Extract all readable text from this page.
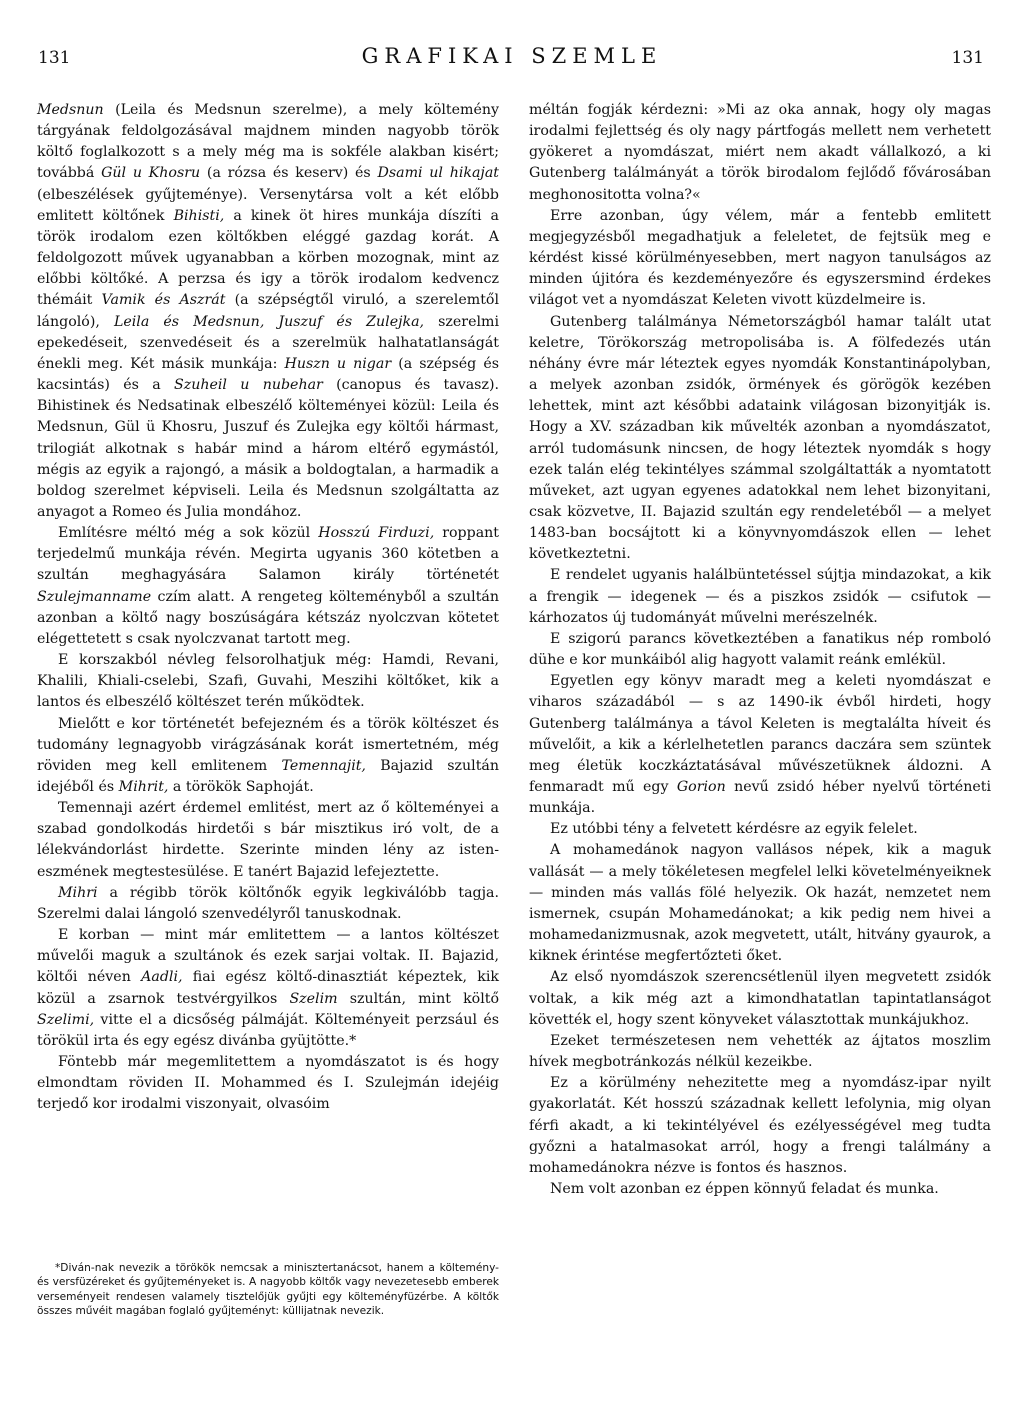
131	GRAFIKAI SZEMLE	131

Medsnun (Leila és Medsnun szerelme), a mely költemény tárgyának feldolgozásával majdnem minden nagyobb török költő foglalkozott s a mely még ma is sokféle alakban kisért; továbbá Gül u Khosru (a rózsa és keserv) és Dsami ul hikajat (elbeszélések gyűjteménye). Versenytársa volt a két előbb emlitett költőnek Bihisti, a kinek öt hires munkája díszíti a török irodalom ezen költőkben eléggé gazdag korát. A feldolgozott művek ugyanabban a körben mozognak, mint az előbbi költőké. A perzsa és igy a török irodalom kedvencz thémáit Vamik és Aszrát (a szépségtől viruló, a szerelemtől lángoló), Leila és Medsnun, Juszuf és Zulejka, szerelmi epekedéseit, szenvedéseit és a szerelmük halhatatlanságát énekli meg. Két másik munkája: Huszn u nigar (a szépség és kacsintás) és a Szuheil u nubehar (canopus és tavasz). Bihistinek és Nedsatinak elbeszélő költeményei közül: Leila és Medsnun, Gül ü Khosru, Juszuf és Zulejka egy költői hármast, trilogiát alkotnak s habár mind a három eltérő egymástól, mégis az egyik a rajongó, a másik a boldogtalan, a harmadik a boldog szerelmet képviseli. Leila és Medsnun szolgáltatta az anyagot a Romeo és Julia mondához.

Említésre méltó még a sok közül Hosszú Firduzi, roppant terjedelmű munkája révén. Megirta ugyanis 360 kötetben a szultán meghagyására Salamon király történetét Szulejmanname czím alatt. A rengeteg költeményből a szultán azonban a költő nagy boszúságára kétszáz nyolczvan kötetet elégettetett s csak nyolczvanat tartott meg.

E korszakból névleg felsorolhatjuk még: Hamdi, Revani, Khalili, Khiali-cselebi, Szafi, Guvahi, Meszihi költőket, kik a lantos és elbeszélő költészet terén működtek.

Mielőtt e kor történetét befejezném és a török költészet és tudomány legnagyobb virágzásának korát ismertetném, még röviden meg kell emlitenem Temennajit, Bajazid szultán idejéből és Mihrit, a törökök Saphoját.

Temennaji azért érdemel emlitést, mert az ő költeményei a szabad gondolkodás hirdetői s bár misztikus iró volt, de a lélekvándorlást hirdette. Szerinte minden lény az isten-eszmének megtestesülése. E tanért Bajazid lefejeztette.

Mihri a régibb török költőnők egyik legkiválóbb tagja. Szerelmi dalai lángoló szenvedélyről tanuskodnak.

E korban — mint már emlitettem — a lantos költészet művelői maguk a szultánok és ezek sarjai voltak. II. Bajazid, költői néven Aadli, fiai egész költő-dinasztiát képeztek, kik közül a zsarnok testvérgyilkos Szelim szultán, mint költő Szelimi, vitte el a dicsőség pálmáját. Költeményeit perzsául és törökül irta és egy egész divánba gyüjtötte.*

Föntebb már megemlitettem a nyomdászatot is és hogy elmondtam röviden II. Mohammed és I. Szulejmán idejéig terjedő kor irodalmi viszonyait, olvasóim

méltán fogják kérdezni: »Mi az oka annak, hogy oly magas irodalmi fejlettség és oly nagy pártfogás mellett nem verhetett gyökeret a nyomdászat, miért nem akadt vállalkozó, a ki Gutenberg találmányát a török birodalom fejlődő fővárosában meghonositotta volna?«

Erre azonban, úgy vélem, már a fentebb emlitett megjegyzésből megadhatjuk a feleletet, de fejtsük meg e kérdést kissé körülményesebben, mert nagyon tanulságos az minden újitóra és kezdeményezőre és egyszersmind érdekes világot vet a nyomdászat Keleten vivott küzdelmeire is.

Gutenberg találmánya Németországból hamar talált utat keletre, Törökország metropolisába is. A fölfedezés után néhány évre már léteztek egyes nyomdák Konstantinápolyban, a melyek azonban zsidók, örmények és görögök kezében lehettek, mint azt későbbi adataink világosan bizonyitják is. Hogy a XV. században kik művelték azonban a nyomdászatot, arról tudomásunk nincsen, de hogy léteztek nyomdák s hogy ezek talán elég tekintélyes számmal szolgáltatták a nyomtatott műveket, azt ugyan egyenes adatokkal nem lehet bizonyitani, csak közvetve, II. Bajazid szultán egy rendeletéből — a melyet 1483-ban bocsájtott ki a könyvnyomdászok ellen — lehet következtetni.

E rendelet ugyanis halálbüntetéssel sújtja mindazokat, a kik a frengik — idegenek — és a piszkos zsidók — csifutok — kárhozatos új tudományát művelni merészelnék.

E szigorú parancs következtében a fanatikus nép romboló dühe e kor munkáiból alig hagyott valamit reánk emlékül.

Egyetlen egy könyv maradt meg a keleti nyomdászat e viharos századából — s az 1490-ik évből hirdeti, hogy Gutenberg találmánya a távol Keleten is megtalálta híveit és művelőit, a kik a kérlelhetetlen parancs daczára sem szüntek meg életük koczkáztatásával művészetüknek áldozni. A fenmaradt mű egy Gorion nevű zsidó héber nyelvű történeti munkája.

Ez utóbbi tény a felvetett kérdésre az egyik felelet.

A mohamedánok nagyon vallásos népek, kik a maguk vallását — a mely tökéletesen megfelel lelki követelményeiknek — minden más vallás fölé helyezik. Ok hazát, nemzetet nem ismernek, csupán Mohamedánokat; a kik pedig nem hivei a mohamedanizmusnak, azok megvetett, utált, hitvány gyaurok, a kiknek érintése megfertőzteti őket.

Az első nyomdászok szerencsétlenül ilyen megvetett zsidók voltak, a kik még azt a kimondhatatlan tapintatlanságot követték el, hogy szent könyveket választottak munkájukhoz.

Ezeket természetesen nem vehették az ájtatos moszlim hívek megbotránkozás nélkül kezeikbe.

Ez a körülmény nehezitette meg a nyomdász-ipar nyilt gyakorlatát. Két hosszú századnak kellett lefolynia, mig olyan férfi akadt, a ki tekintélyével és ezélyességével meg tudta győzni a hatalmasokat arról, hogy a frengi találmány a mohamedánokra nézve is fontos és hasznos.

Nem volt azonban ez éppen könnyű feladat és munka.

*Diván-nak nevezik a törökök nemcsak a minisztertanácsot, hanem a költemény- és versfüzéreket és gyűjteményeket is. A nagyobb költők vagy nevezetesebb emberek verseményeit rendesen valamely tisztelőjük gyűjti egy költeményfüzérbe. A költők összes művéit magában foglaló gyűjteményt: küllijatnak nevezik.
